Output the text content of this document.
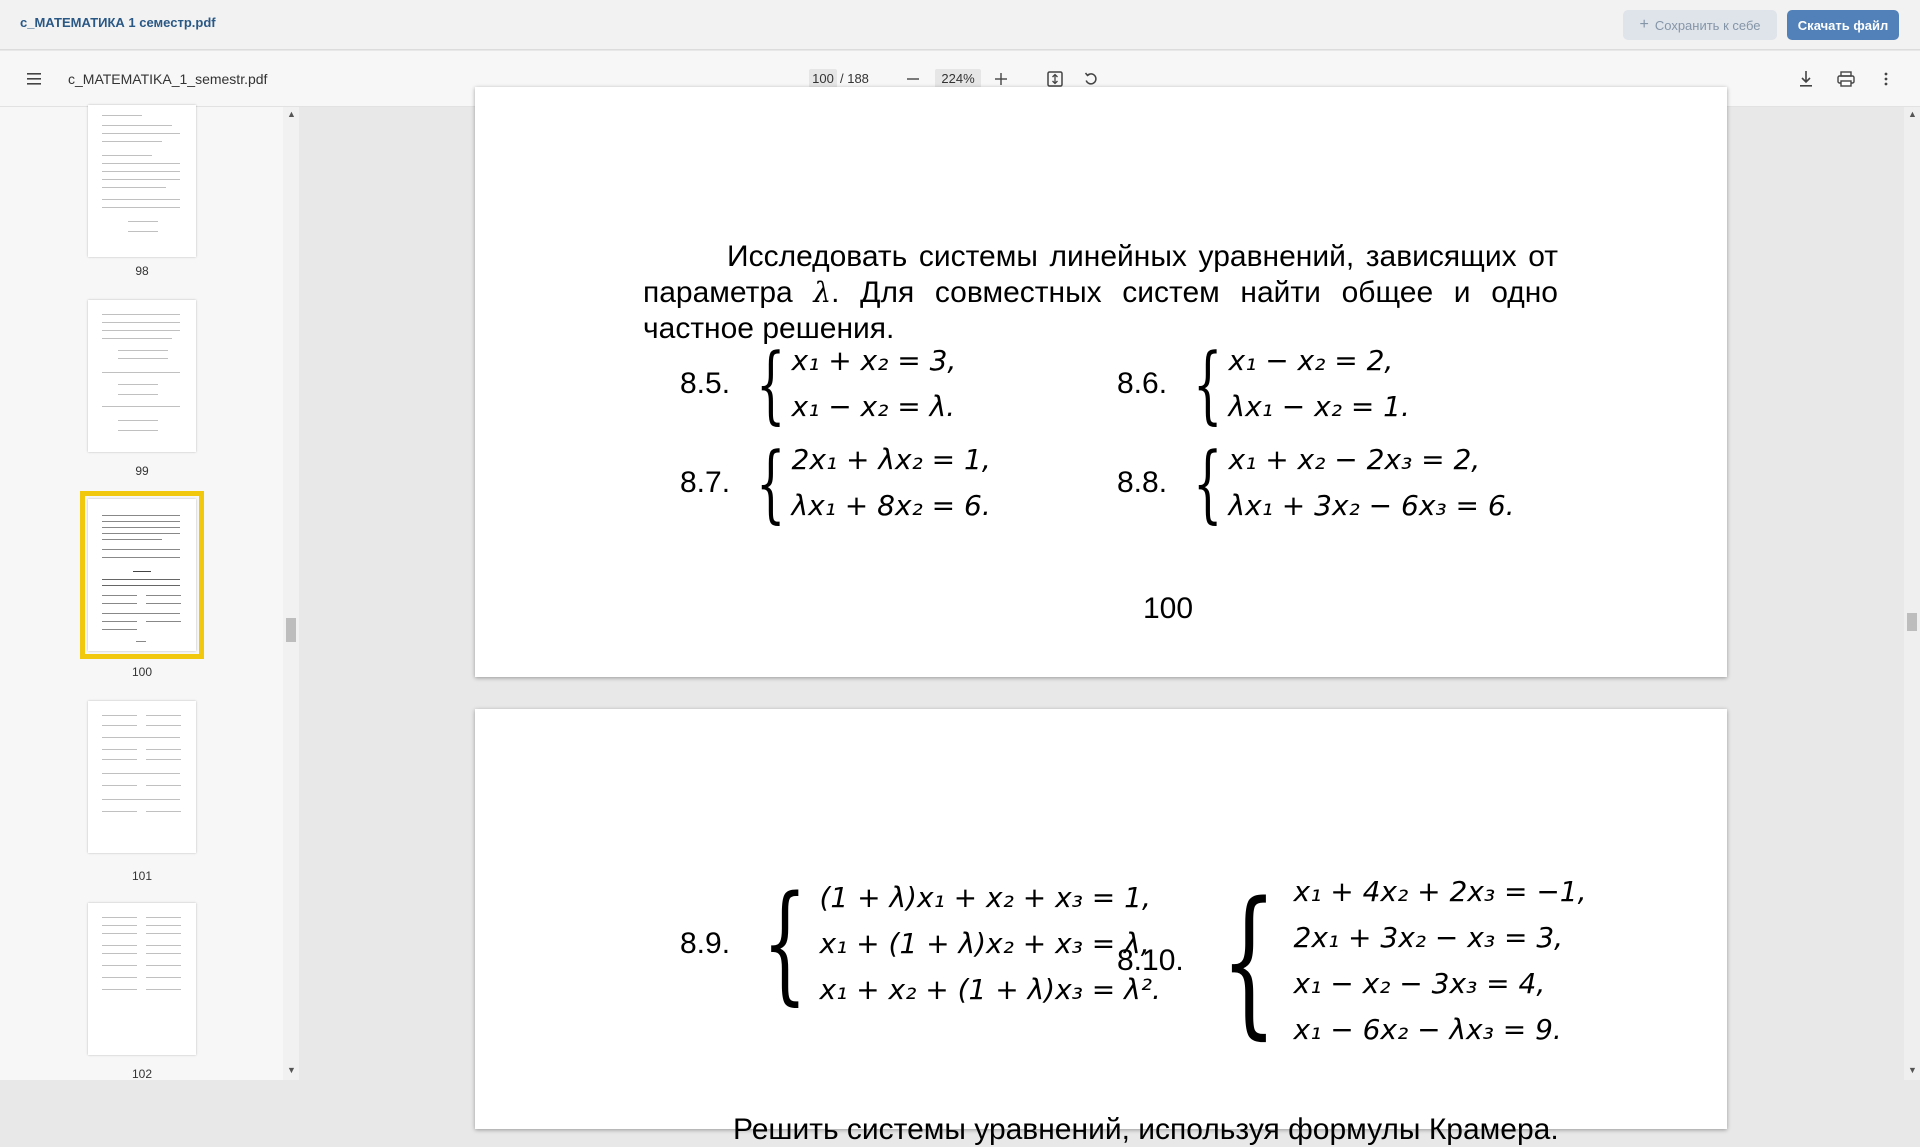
с_МАТЕМАТИКА 1 семестр.pdf	+ Сохранить к себе	Скачать файл
c_MATEMATIKA_1_semestr.pdf	100 / 188	224%
98
99
100
101
102
▲
▼
Исследовать системы линейных уравнений, зависящих от параметра λ. Для совместных систем найти общее и одно частное решения.
8.5. { x₁ + x₂ = 3,
x₁ − x₂ = λ.
8.6. { x₁ − x₂ = 2,
λx₁ − x₂ = 1.
8.7. { 2x₁ + λx₂ = 1,
λx₁ + 8x₂ = 6.
8.8. { x₁ + x₂ − 2x₃ = 2,
λx₁ + 3x₂ − 6x₃ = 6.
100
8.9. { (1 + λ)x₁ + x₂ + x₃ = 1,
x₁ + (1 + λ)x₂ + x₃ = λ,
x₁ + x₂ + (1 + λ)x₃ = λ².
8.10. { x₁ + 4x₂ + 2x₃ = −1,
2x₁ + 3x₂ − x₃ = 3,
x₁ − x₂ − 3x₃ = 4,
x₁ − 6x₂ − λx₃ = 9.
Решить системы уравнений, используя формулы Крамера.
▲
▼
